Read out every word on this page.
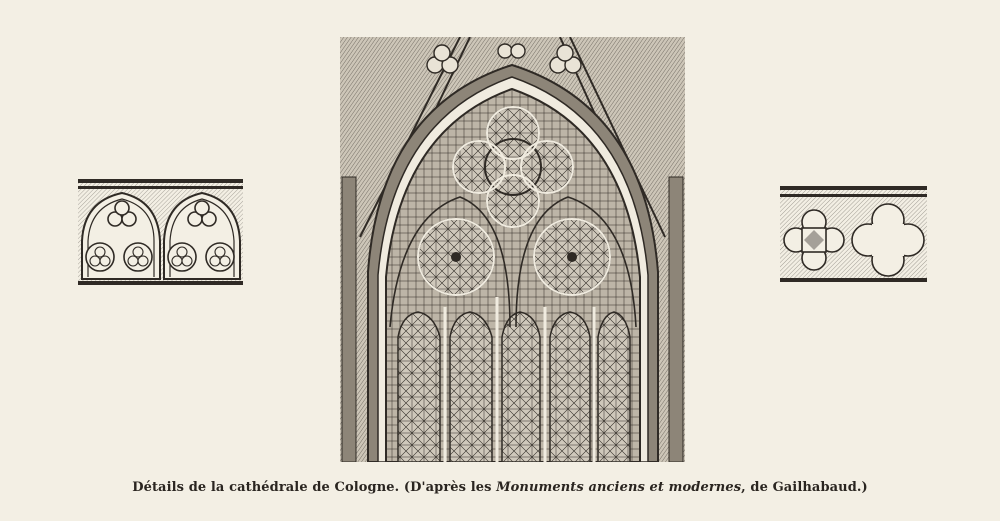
Détails de la cathédrale de Cologne. (D'après les Monuments anciens et modernes, de Gailhabaud.)
